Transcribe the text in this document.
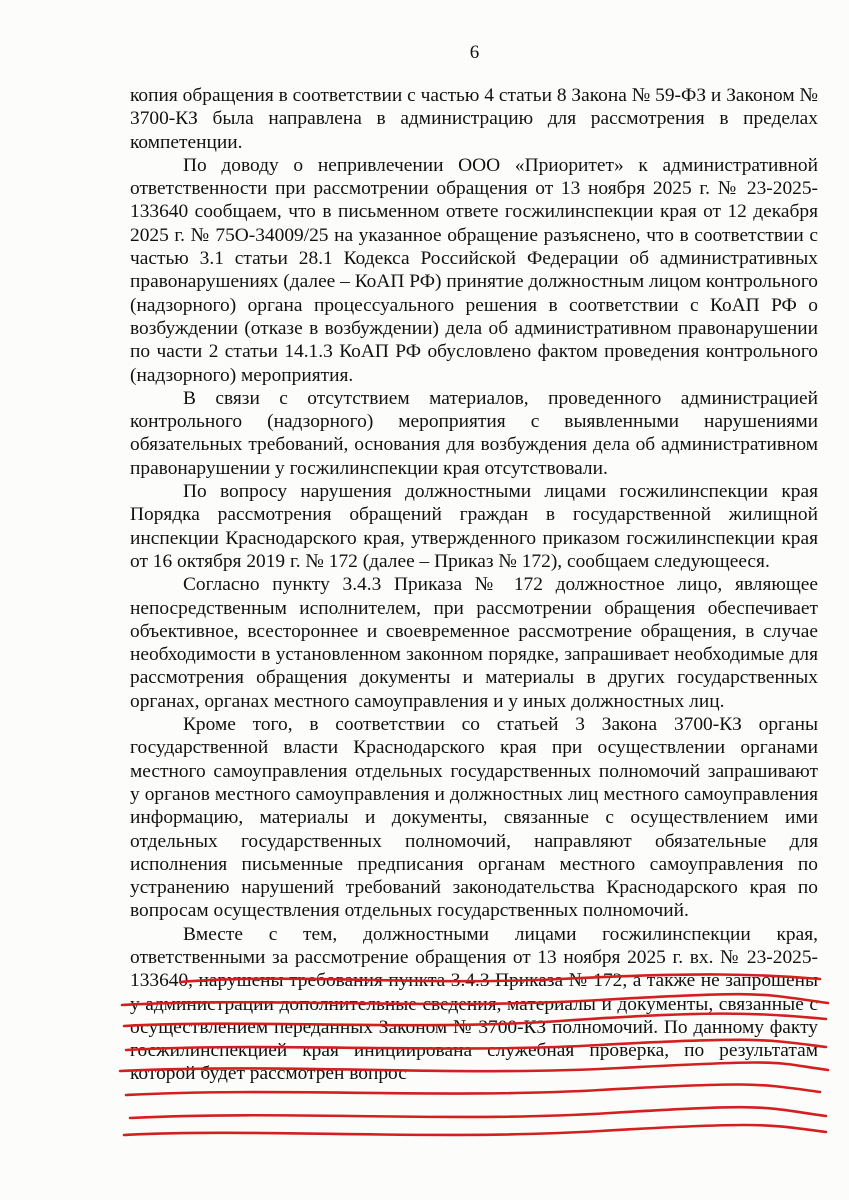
6

копия обращения в соответствии с частью 4 статьи 8 Закона № 59-ФЗ и Законом № 3700-КЗ была направлена в администрацию для рассмотрения в пределах компетенции.

По доводу о непривлечении ООО «Приоритет» к административной ответственности при рассмотрении обращения от 13 ноября 2025 г. № 23-2025-133640 сообщаем, что в письменном ответе госжилинспекции края от 12 декабря 2025 г. № 75О-34009/25 на указанное обращение разъяснено, что в соответствии с частью 3.1 статьи 28.1 Кодекса Российской Федерации об административных правонарушениях (далее – КоАП РФ) принятие должностным лицом контрольного (надзорного) органа процессуального решения в соответствии с КоАП РФ о возбуждении (отказе в возбуждении) дела об административном правонарушении по части 2 статьи 14.1.3 КоАП РФ обусловлено фактом проведения контрольного (надзорного) мероприятия.

В связи с отсутствием материалов, проведенного администрацией контрольного (надзорного) мероприятия с выявленными нарушениями обязательных требований, основания для возбуждения дела об административном правонарушении у госжилинспекции края отсутствовали.

По вопросу нарушения должностными лицами госжилинспекции края Порядка рассмотрения обращений граждан в государственной жилищной инспекции Краснодарского края, утвержденного приказом госжилинспекции края от 16 октября 2019 г. № 172 (далее – Приказ № 172), сообщаем следующееся.

Согласно пункту 3.4.3 Приказа № 172 должностное лицо, являющее непосредственным исполнителем, при рассмотрении обращения обеспечивает объективное, всестороннее и своевременное рассмотрение обращения, в случае необходимости в установленном законном порядке, запрашивает необходимые для рассмотрения обращения документы и материалы в других государственных органах, органах местного самоуправления и у иных должностных лиц.

Кроме того, в соответствии со статьей 3 Закона 3700-КЗ органы государственной власти Краснодарского края при осуществлении органами местного самоуправления отдельных государственных полномочий запрашивают у органов местного самоуправления и должностных лиц местного самоуправления информацию, материалы и документы, связанные с осуществлением ими отдельных государственных полномочий, направляют обязательные для исполнения письменные предписания органам местного самоуправления по устранению нарушений требований законодательства Краснодарского края по вопросам осуществления отдельных государственных полномочий.

Вместе с тем, должностными лицами госжилинспекции края, ответственными за рассмотрение обращения от 13 ноября 2025 г. вх. № 23-2025-133640, нарушены требования пункта 3.4.3 Приказа № 172, а также не запрошены у администрации дополнительные сведения, материалы и документы, связанные с осуществлением переданных Законом № 3700-КЗ полномочий. По данному факту госжилинспекцией края инициирована служебная проверка, по результатам которой будет рассмотрен вопрос
